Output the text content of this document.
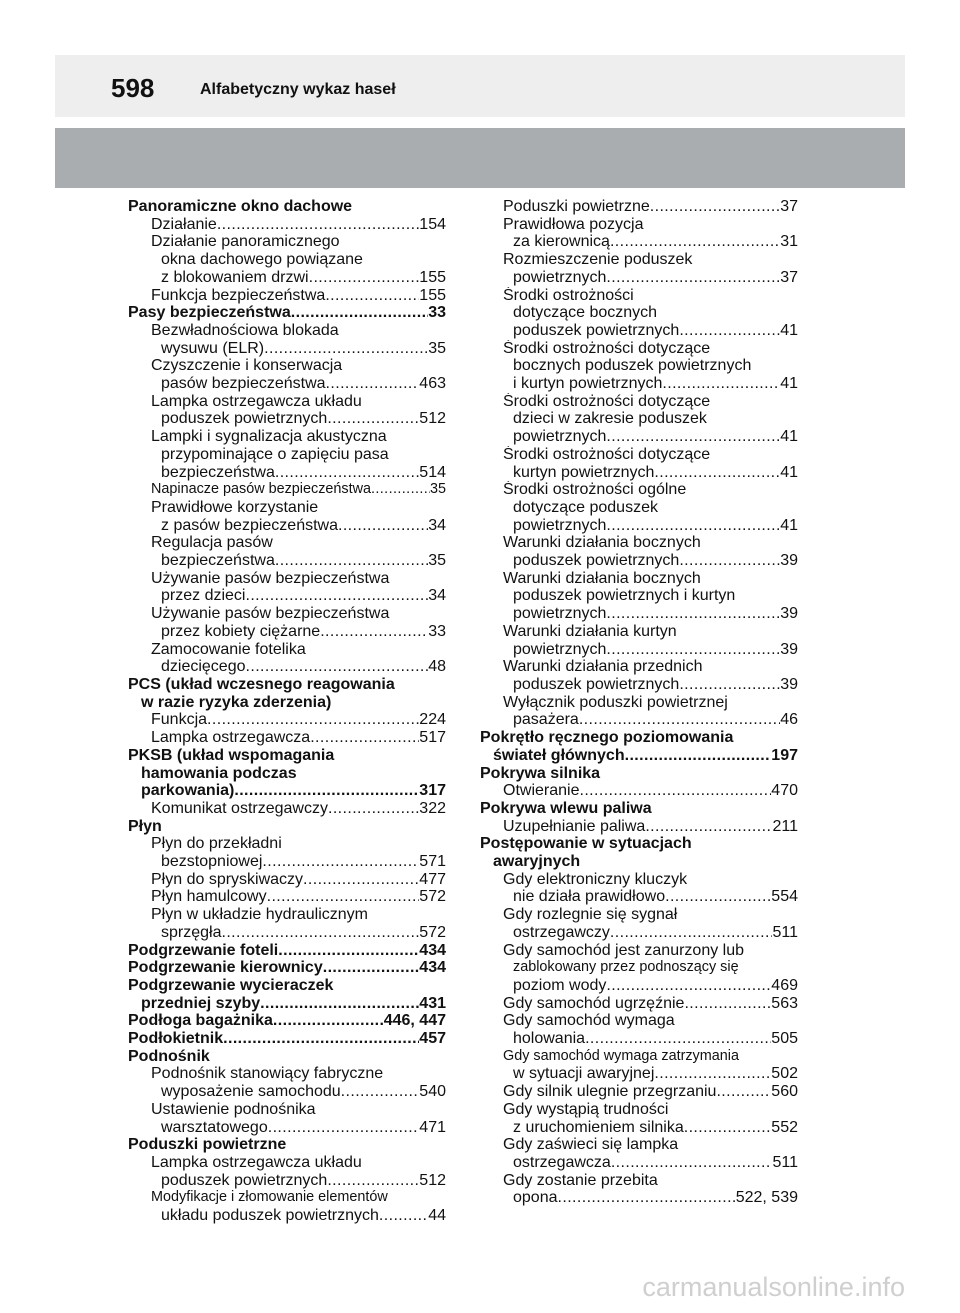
598	Alfabetyczny wykaz haseł
Panoramiczne okno dachowe
Działanie .....	154
Działanie panoramicznego
okna dachowego powiązane
z blokowaniem drzwi .....	155
Funkcja bezpieczeństwa .....	155
Pasy bezpieczeństwa .....	33
Bezwładnościowa blokada
wysuwu (ELR) .....	35
Czyszczenie i konserwacja
pasów bezpieczeństwa .....	463
Lampka ostrzegawcza układu
poduszek powietrznych .....	512
Lampki i sygnalizacja akustyczna
przypominające o zapięciu pasa
bezpieczeństwa .....	514
Napinacze pasów bezpieczeństwa .....	35
Prawidłowe korzystanie
z pasów bezpieczeństwa .....	34
Regulacja pasów
bezpieczeństwa .....	35
Używanie pasów bezpieczeństwa
przez dzieci .....	34
Używanie pasów bezpieczeństwa
przez kobiety ciężarne .....	33
Zamocowanie fotelika
dziecięcego .....	48
PCS (układ wczesnego reagowania
w razie ryzyka zderzenia)
Funkcja .....	224
Lampka ostrzegawcza .....	517
PKSB (układ wspomagania
hamowania podczas
parkowania) .....	317
Komunikat ostrzegawczy .....	322
Płyn
Płyn do przekładni
bezstopniowej .....	571
Płyn do spryskiwaczy .....	477
Płyn hamulcowy .....	572
Płyn w układzie hydraulicznym
sprzęgła .....	572
Podgrzewanie foteli .....	434
Podgrzewanie kierownicy .....	434
Podgrzewanie wycieraczek
przedniej szyby .....	431
Podłoga bagażnika .....	446, 447
Podłokietnik .....	457
Podnośnik
Podnośnik stanowiący fabryczne
wyposażenie samochodu .....	540
Ustawienie podnośnika
warsztatowego .....	471
Poduszki powietrzne
Lampka ostrzegawcza układu
poduszek powietrznych .....	512
Modyfikacje i złomowanie elementów
układu poduszek powietrznych .....	44
Poduszki powietrzne .....	37
Prawidłowa pozycja
za kierownicą .....	31
Rozmieszczenie poduszek
powietrznych .....	37
Środki ostrożności
dotyczące bocznych
poduszek powietrznych .....	41
Środki ostrożności dotyczące
bocznych poduszek powietrznych
i kurtyn powietrznych .....	41
Środki ostrożności dotyczące
dzieci w zakresie poduszek
powietrznych .....	41
Środki ostrożności dotyczące
kurtyn powietrznych .....	41
Środki ostrożności ogólne
dotyczące poduszek
powietrznych .....	41
Warunki działania bocznych
poduszek powietrznych .....	39
Warunki działania bocznych
poduszek powietrznych i kurtyn
powietrznych .....	39
Warunki działania kurtyn
powietrznych .....	39
Warunki działania przednich
poduszek powietrznych .....	39
Wyłącznik poduszki powietrznej
pasażera .....	46
Pokrętło ręcznego poziomowania
świateł głównych .....	197
Pokrywa silnika
Otwieranie .....	470
Pokrywa wlewu paliwa
Uzupełnianie paliwa .....	211
Postępowanie w sytuacjach
awaryjnych
Gdy elektroniczny kluczyk
nie działa prawidłowo .....	554
Gdy rozlegnie się sygnał
ostrzegawczy .....	511
Gdy samochód jest zanurzony lub
zablokowany przez podnoszący się
poziom wody .....	469
Gdy samochód ugrzęźnie .....	563
Gdy samochód wymaga
holowania .....	505
Gdy samochód wymaga zatrzymania
w sytuacji awaryjnej .....	502
Gdy silnik ulegnie przegrzaniu .....	560
Gdy wystąpią trudności
z uruchomieniem silnika .....	552
Gdy zaświeci się lampka
ostrzegawcza .....	511
Gdy zostanie przebita
opona .....	522, 539
carmanualsonline.info
